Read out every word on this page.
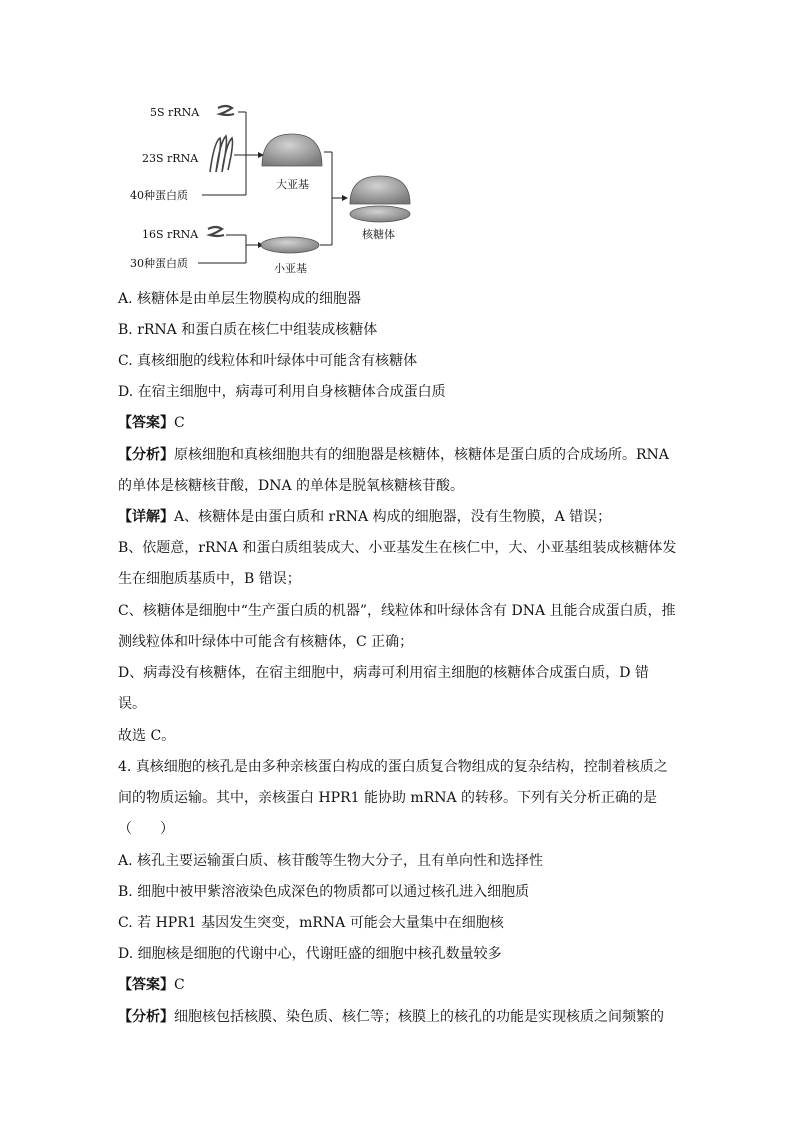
5S rRNA
23S rRNA
40种蛋白质
16S rRNA
30种蛋白质
大亚基
小亚基
核糖体
A. 核糖体是由单层生物膜构成的细胞器
B. rRNA 和蛋白质在核仁中组装成核糖体
C. 真核细胞的线粒体和叶绿体中可能含有核糖体
D. 在宿主细胞中，病毒可利用自身核糖体合成蛋白质
【答案】C
【分析】原核细胞和真核细胞共有的细胞器是核糖体，核糖体是蛋白质的合成场所。RNA
的单体是核糖核苷酸，DNA 的单体是脱氧核糖核苷酸。
【详解】A、核糖体是由蛋白质和 rRNA 构成的细胞器，没有生物膜，A 错误；
B、依题意，rRNA 和蛋白质组装成大、小亚基发生在核仁中，大、小亚基组装成核糖体发
生在细胞质基质中，B 错误；
C、核糖体是细胞中“生产蛋白质的机器”，线粒体和叶绿体含有 DNA 且能合成蛋白质，推
测线粒体和叶绿体中可能含有核糖体，C 正确；
D、病毒没有核糖体，在宿主细胞中，病毒可利用宿主细胞的核糖体合成蛋白质，D 错
误。
故选 C。
4. 真核细胞的核孔是由多种亲核蛋白构成的蛋白质复合物组成的复杂结构，控制着核质之
间的物质运输。其中，亲核蛋白 HPR1 能协助 mRNA 的转移。下列有关分析正确的是
（　　）
A. 核孔主要运输蛋白质、核苷酸等生物大分子，且有单向性和选择性
B. 细胞中被甲紫溶液染色成深色的物质都可以通过核孔进入细胞质
C. 若 HPR1 基因发生突变，mRNA 可能会大量集中在细胞核
D. 细胞核是细胞的代谢中心，代谢旺盛的细胞中核孔数量较多
【答案】C
【分析】细胞核包括核膜、染色质、核仁等；核膜上的核孔的功能是实现核质之间频繁的
